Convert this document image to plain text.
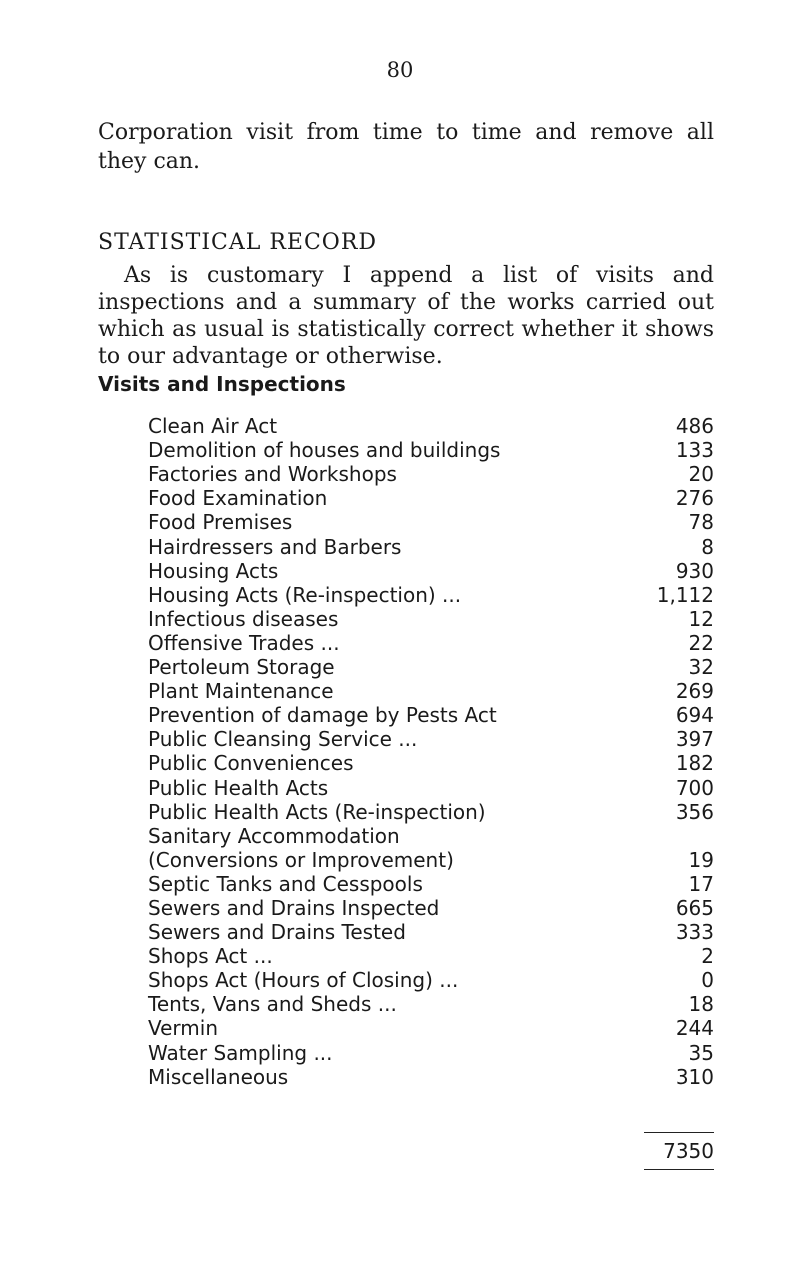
80
Corporation visit from time to time and remove all they can.
STATISTICAL RECORD
As is customary I append a list of visits and inspections and a summary of the works carried out which as usual is statistically correct whether it shows to our advantage or otherwise.
Visits and Inspections
Clean Air Act	486
Demolition of houses and buildings	133
Factories and Workshops	20
Food Examination	276
Food Premises	78
Hairdressers and Barbers	8
Housing Acts	930
Housing Acts (Re-inspection) ...	1,112
Infectious diseases	12
Offensive Trades ...	22
Pertoleum Storage	32
Plant Maintenance	269
Prevention of damage by Pests Act	694
Public Cleansing Service ...	397
Public Conveniences	182
Public Health Acts	700
Public Health Acts (Re-inspection)	356
Sanitary Accommodation
(Conversions or Improvement)	19
Septic Tanks and Cesspools	17
Sewers and Drains Inspected	665
Sewers and Drains Tested	333
Shops Act ...	2
Shops Act (Hours of Closing) ...	0
Tents, Vans and Sheds ...	18
Vermin	244
Water Sampling ...	35
Miscellaneous	310
7350
